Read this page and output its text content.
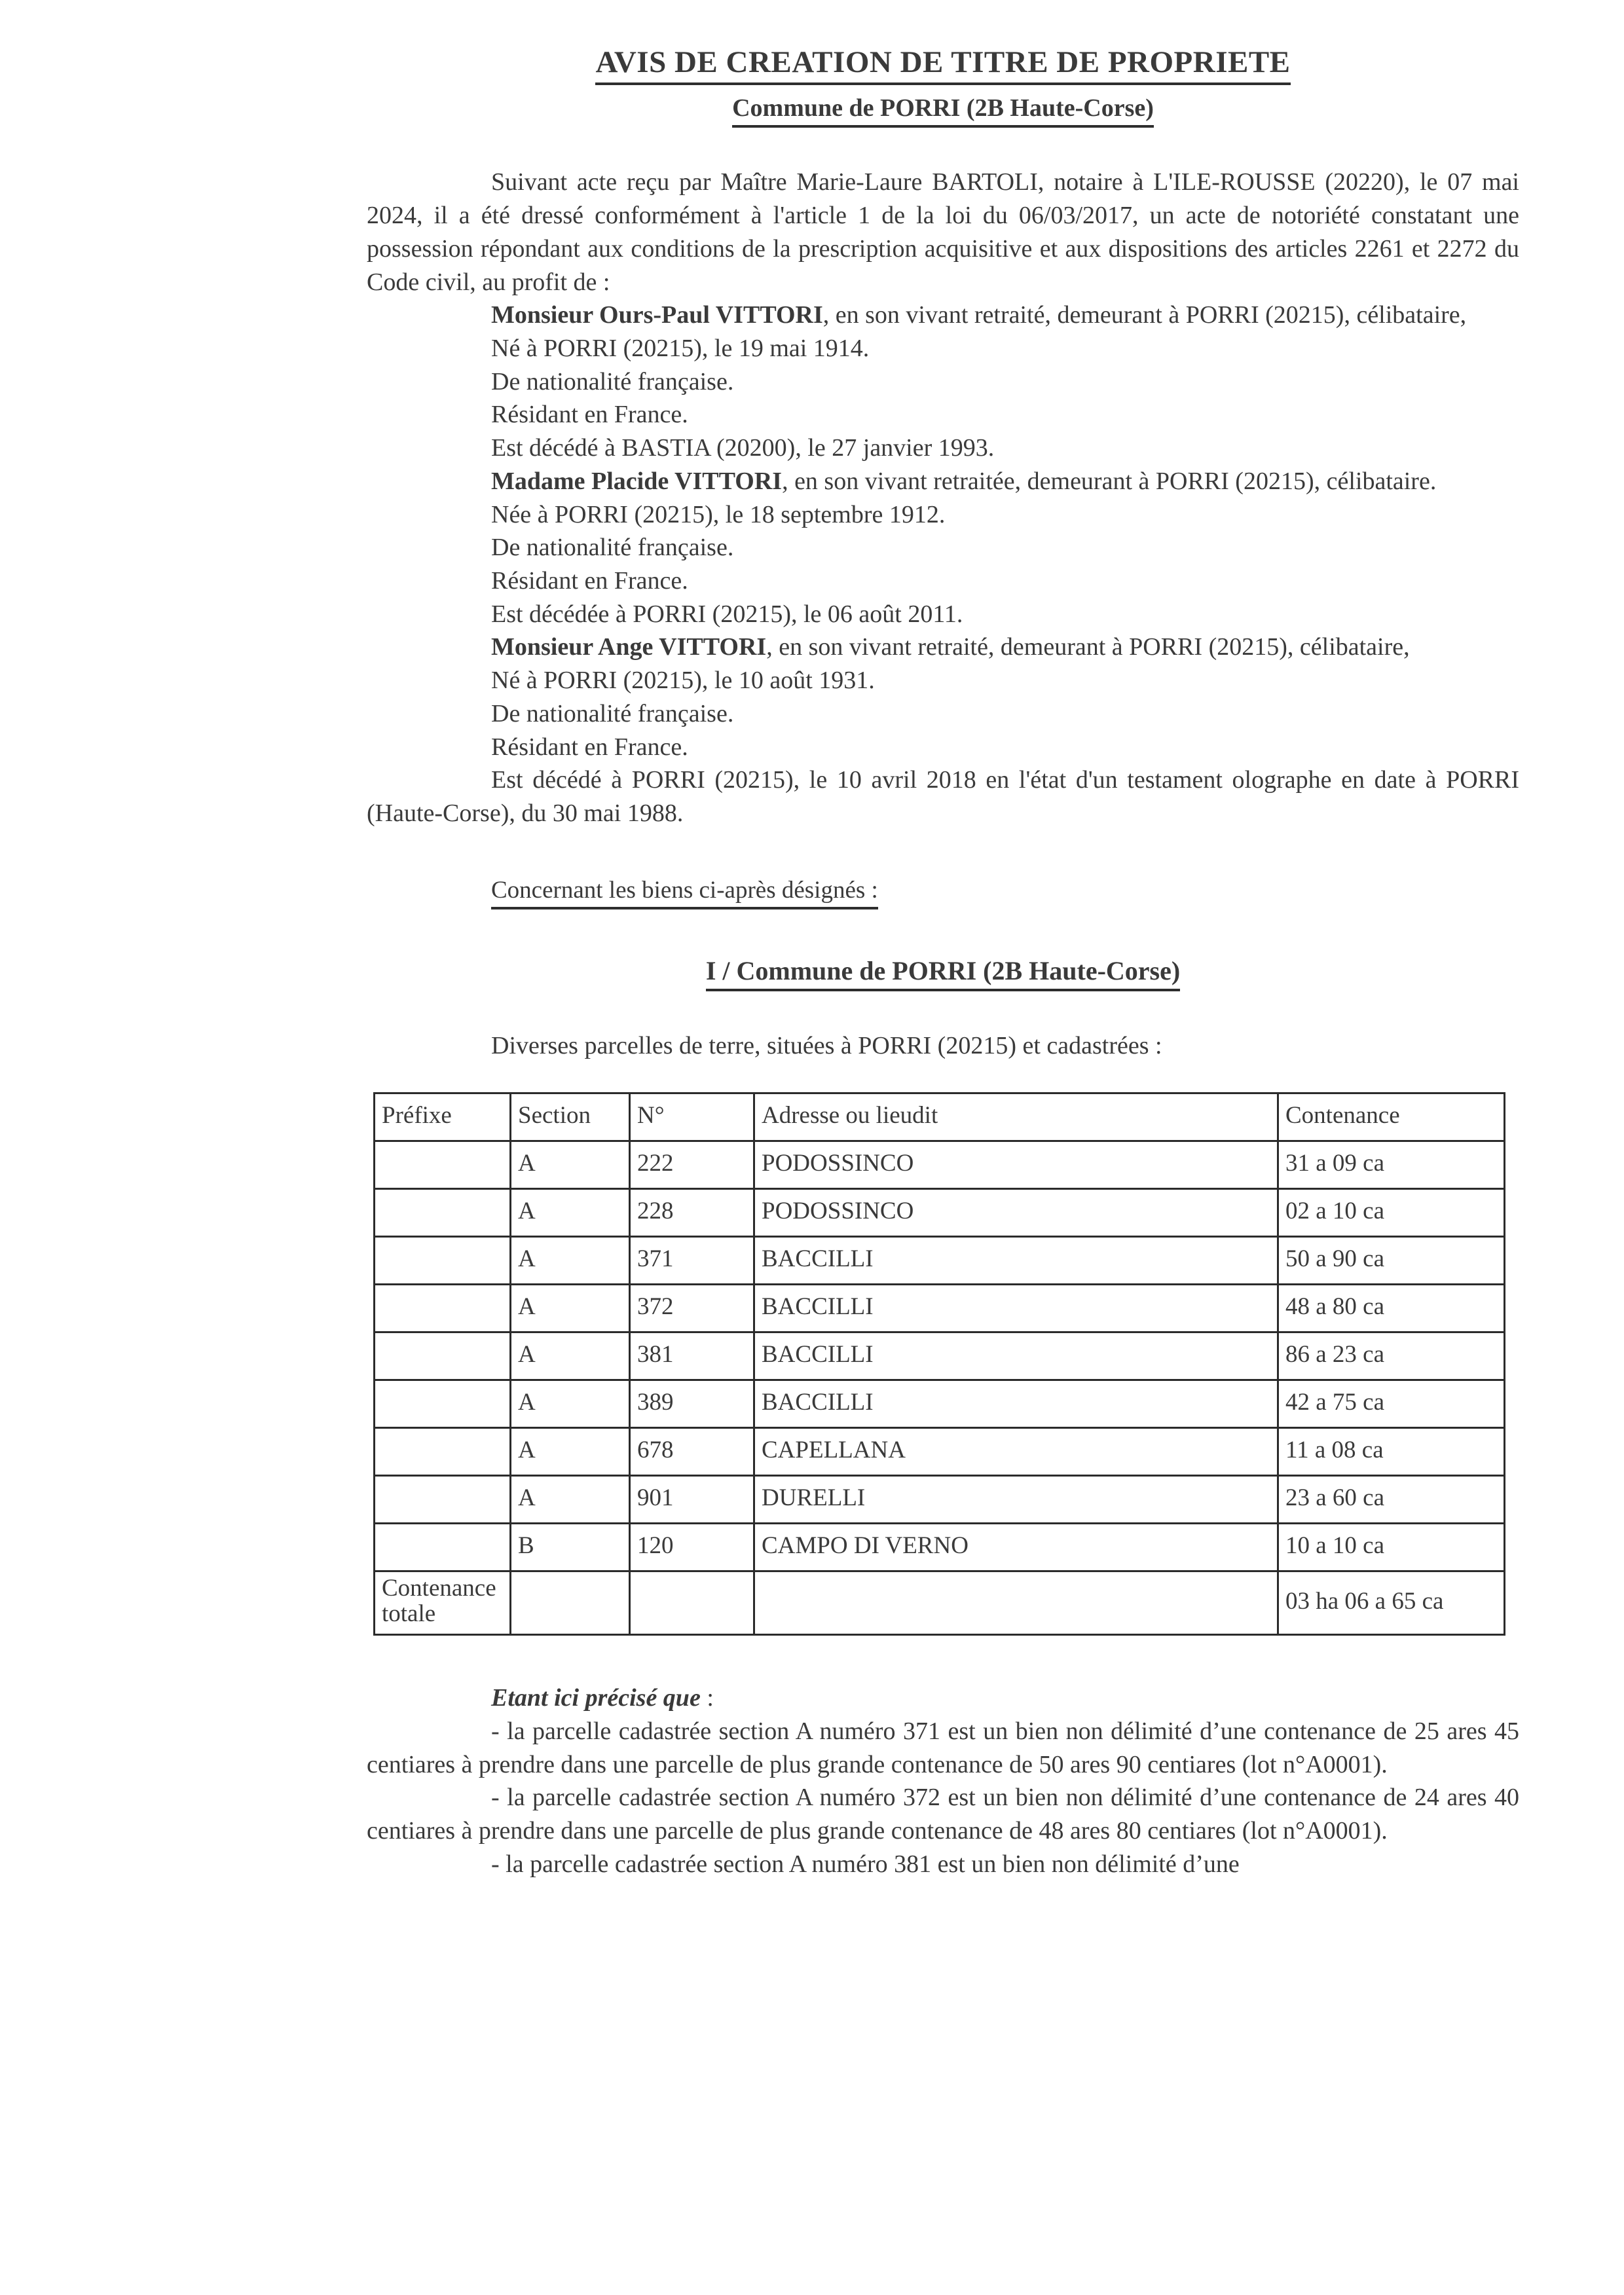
AVIS DE CREATION DE TITRE DE PROPRIETE
Commune de PORRI (2B Haute-Corse)

Suivant acte reçu par Maître Marie-Laure BARTOLI, notaire à L'ILE-ROUSSE (20220), le 07 mai 2024, il a été dressé conformément à l'article 1 de la loi du 06/03/2017, un acte de notoriété constatant une possession répondant aux conditions de la prescription acquisitive et aux dispositions des articles 2261 et 2272 du Code civil, au profit de :

Monsieur Ours-Paul VITTORI, en son vivant retraité, demeurant à PORRI (20215), célibataire,

Né à PORRI (20215), le 19 mai 1914.

De nationalité française.

Résidant en France.

Est décédé à BASTIA (20200), le 27 janvier 1993.

Madame Placide VITTORI, en son vivant retraitée, demeurant à PORRI (20215), célibataire.

Née à PORRI (20215), le 18 septembre 1912.

De nationalité française.

Résidant en France.

Est décédée à PORRI (20215), le 06 août 2011.

Monsieur Ange VITTORI, en son vivant retraité, demeurant à PORRI (20215), célibataire,

Né à PORRI (20215), le 10 août 1931.

De nationalité française.

Résidant en France.

Est décédé à PORRI (20215), le 10 avril 2018 en l'état d'un testament olographe en date à PORRI (Haute-Corse), du 30 mai 1988.

Concernant les biens ci-après désignés :

I / Commune de PORRI (2B Haute-Corse)

Diverses parcelles de terre, situées à PORRI (20215) et cadastrées :

Préfixe	Section	N°	Adresse ou lieudit	Contenance
	A	222	PODOSSINCO	31 a 09 ca
	A	228	PODOSSINCO	02 a 10 ca
	A	371	BACCILLI	50 a 90 ca
	A	372	BACCILLI	48 a 80 ca
	A	381	BACCILLI	86 a 23 ca
	A	389	BACCILLI	42 a 75 ca
	A	678	CAPELLANA	11 a 08 ca
	A	901	DURELLI	23 a 60 ca
	B	120	CAMPO DI VERNO	10 a 10 ca
Contenance totale				03 ha 06 a 65 ca

Etant ici précisé que :

- la parcelle cadastrée section A numéro 371 est un bien non délimité d’une contenance de 25 ares 45 centiares à prendre dans une parcelle de plus grande contenance de 50 ares 90 centiares (lot n°A0001).

- la parcelle cadastrée section A numéro 372 est un bien non délimité d’une contenance de 24 ares 40 centiares à prendre dans une parcelle de plus grande contenance de 48 ares 80 centiares (lot n°A0001).

- la parcelle cadastrée section A numéro 381 est un bien non délimité d’une
